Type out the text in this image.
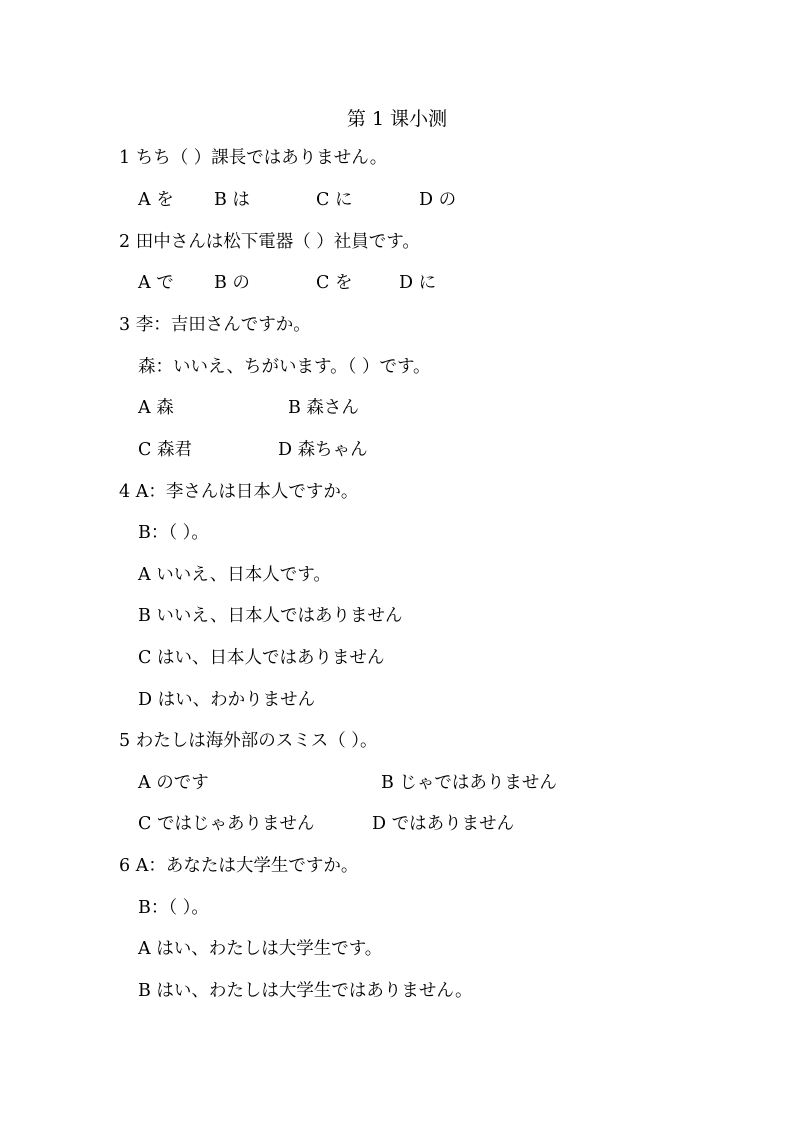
第 1 课小测
1 ちち（ ）課長ではありません。
A を B は	C に	D の
2 田中さんは松下電器（ ）社員です。
A で B の	C を	D に
3 李：吉田さんですか。
森：いいえ、ちがいます。（ ）です。
A 森	B 森さん
C 森君	D 森ちゃん
4 A：李さんは日本人ですか。
B：（ ）。
A いいえ、日本人です。
B いいえ、日本人ではありません
C はい、日本人ではありません
D はい、わかりません
5 わたしは海外部のスミス（ ）。
A のです	B じゃではありません
C ではじゃありません	D ではありません
6 A：あなたは大学生ですか。
B：（ ）。
A はい、わたしは大学生です。
B はい、わたしは大学生ではありません。
